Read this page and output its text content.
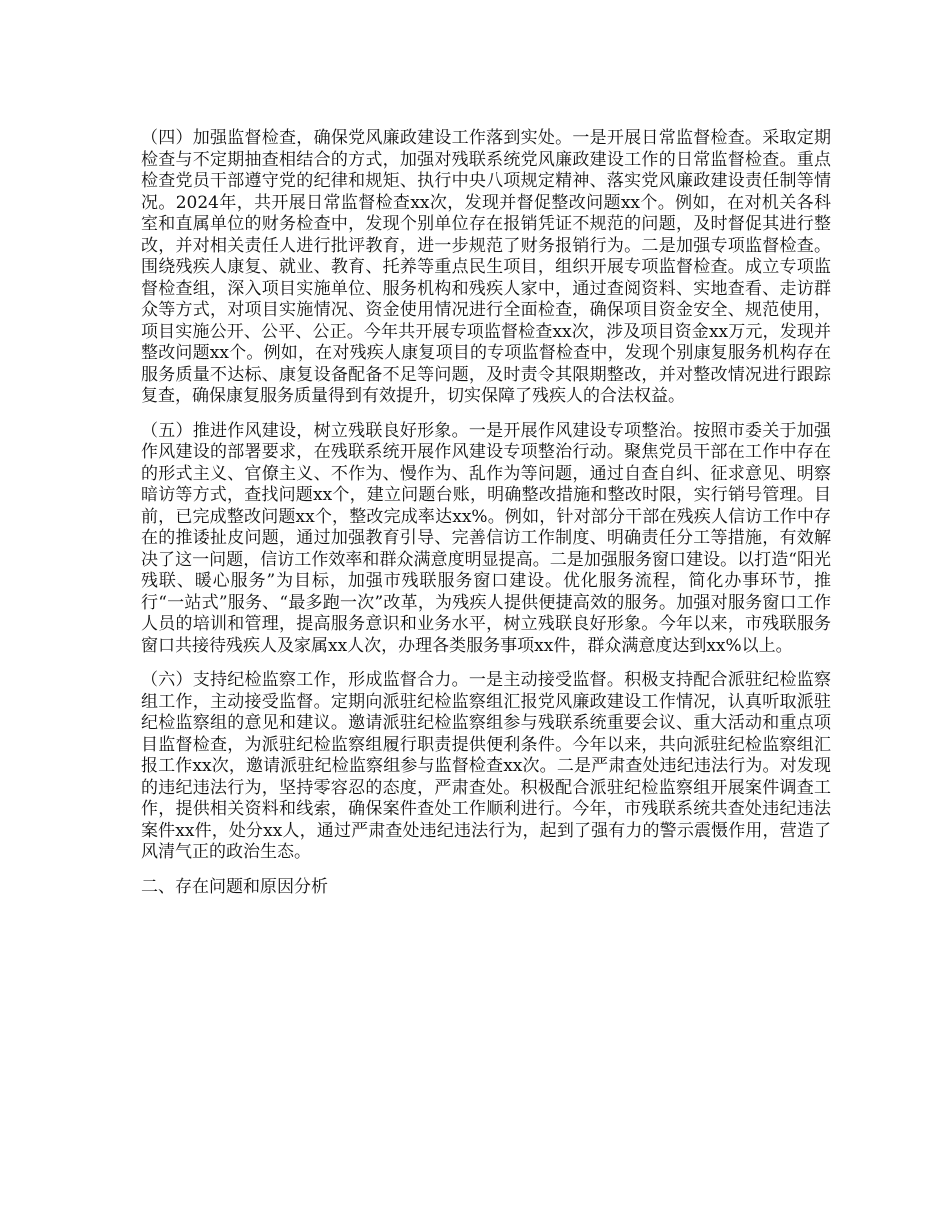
（四）加强监督检查，确保党风廉政建设工作落到实处。一是开展日常监督检查。采取定期检查与不定期抽查相结合的方式，加强对残联系统党风廉政建设工作的日常监督检查。重点检查党员干部遵守党的纪律和规矩、执行中央八项规定精神、落实党风廉政建设责任制等情况。2024年，共开展日常监督检查xx次，发现并督促整改问题xx个。例如，在对机关各科室和直属单位的财务检查中，发现个别单位存在报销凭证不规范的问题，及时督促其进行整改，并对相关责任人进行批评教育，进一步规范了财务报销行为。二是加强专项监督检查。围绕残疾人康复、就业、教育、托养等重点民生项目，组织开展专项监督检查。成立专项监督检查组，深入项目实施单位、服务机构和残疾人家中，通过查阅资料、实地查看、走访群众等方式，对项目实施情况、资金使用情况进行全面检查，确保项目资金安全、规范使用，项目实施公开、公平、公正。今年共开展专项监督检查xx次，涉及项目资金xx万元，发现并整改问题xx个。例如，在对残疾人康复项目的专项监督检查中，发现个别康复服务机构存在服务质量不达标、康复设备配备不足等问题，及时责令其限期整改，并对整改情况进行跟踪复查，确保康复服务质量得到有效提升，切实保障了残疾人的合法权益。

（五）推进作风建设，树立残联良好形象。一是开展作风建设专项整治。按照市委关于加强作风建设的部署要求，在残联系统开展作风建设专项整治行动。聚焦党员干部在工作中存在的形式主义、官僚主义、不作为、慢作为、乱作为等问题，通过自查自纠、征求意见、明察暗访等方式，查找问题xx个，建立问题台账，明确整改措施和整改时限，实行销号管理。目前，已完成整改问题xx个，整改完成率达xx%。例如，针对部分干部在残疾人信访工作中存在的推诿扯皮问题，通过加强教育引导、完善信访工作制度、明确责任分工等措施，有效解决了这一问题，信访工作效率和群众满意度明显提高。二是加强服务窗口建设。以打造“阳光残联、暖心服务”为目标，加强市残联服务窗口建设。优化服务流程，简化办事环节，推行“一站式”服务、“最多跑一次”改革，为残疾人提供便捷高效的服务。加强对服务窗口工作人员的培训和管理，提高服务意识和业务水平，树立残联良好形象。今年以来，市残联服务窗口共接待残疾人及家属xx人次，办理各类服务事项xx件，群众满意度达到xx%以上。

（六）支持纪检监察工作，形成监督合力。一是主动接受监督。积极支持配合派驻纪检监察组工作，主动接受监督。定期向派驻纪检监察组汇报党风廉政建设工作情况，认真听取派驻纪检监察组的意见和建议。邀请派驻纪检监察组参与残联系统重要会议、重大活动和重点项目监督检查，为派驻纪检监察组履行职责提供便利条件。今年以来，共向派驻纪检监察组汇报工作xx次，邀请派驻纪检监察组参与监督检查xx次。二是严肃查处违纪违法行为。对发现的违纪违法行为，坚持零容忍的态度，严肃查处。积极配合派驻纪检监察组开展案件调查工作，提供相关资料和线索，确保案件查处工作顺利进行。今年，市残联系统共查处违纪违法案件xx件，处分xx人，通过严肃查处违纪违法行为，起到了强有力的警示震慑作用，营造了风清气正的政治生态。

二、存在问题和原因分析
